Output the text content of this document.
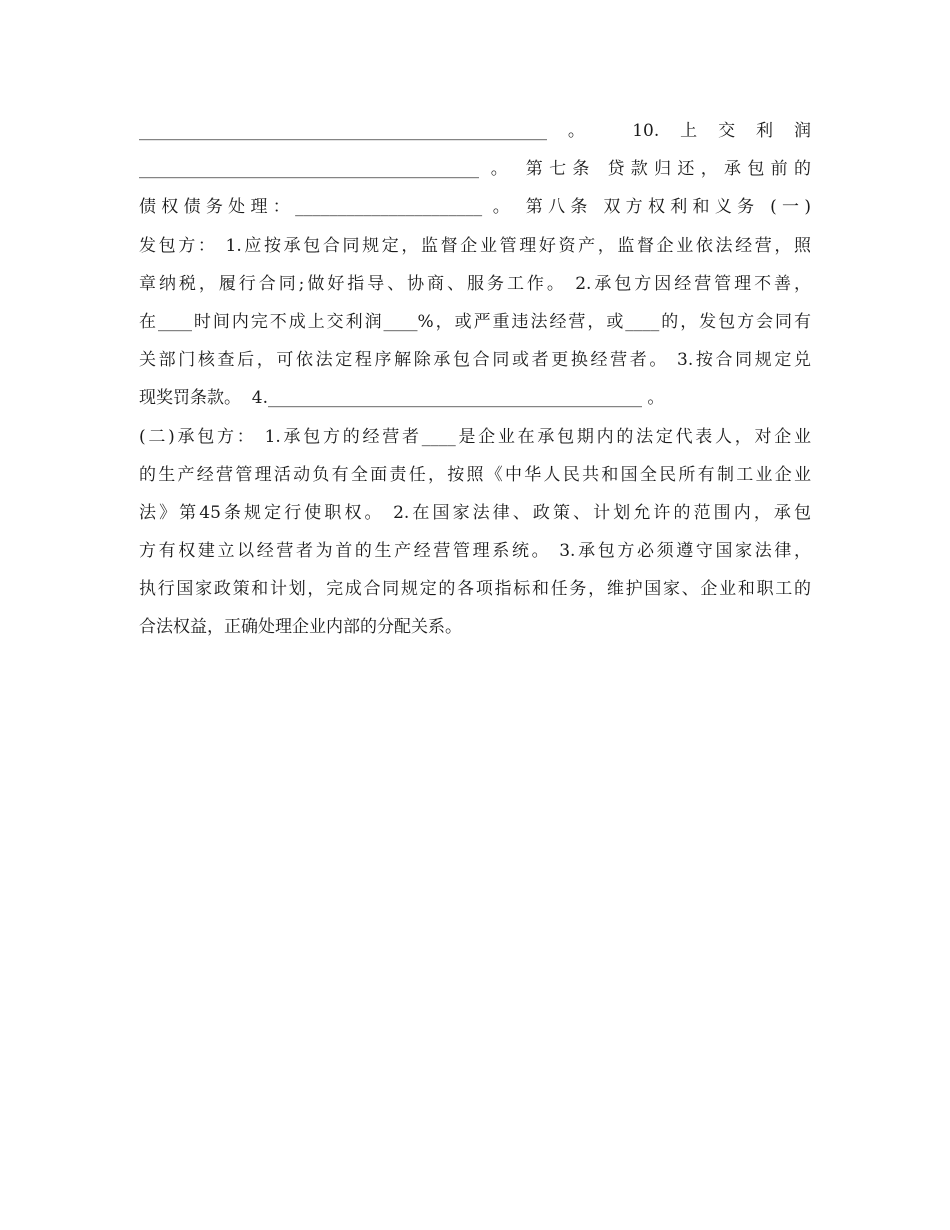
________________________________________________。 10.上交利润
________________________________________ 。 第七条 贷款归还，承包前的
债权债务处理：______________________ 。 第八条 双方权利和义务 (一)
发包方： 1.应按承包合同规定，监督企业管理好资产，监督企业依法经营，照
章纳税，履行合同;做好指导、协商、服务工作。 2.承包方因经营管理不善，
在____时间内完不成上交利润____%，或严重违法经营，或____的，发包方会同有
关部门核查后，可依法定程序解除承包合同或者更换经营者。 3.按合同规定兑
现奖罚条款。  4.____________________________________________ 。
(二)承包方： 1.承包方的经营者____是企业在承包期内的法定代表人，对企业
的生产经营管理活动负有全面责任，按照《中华人民共和国全民所有制工业企业
法》第45条规定行使职权。 2.在国家法律、政策、计划允许的范围内，承包
方有权建立以经营者为首的生产经营管理系统。 3.承包方必须遵守国家法律，
执行国家政策和计划，完成合同规定的各项指标和任务，维护国家、企业和职工的
合法权益，正确处理企业内部的分配关系。
